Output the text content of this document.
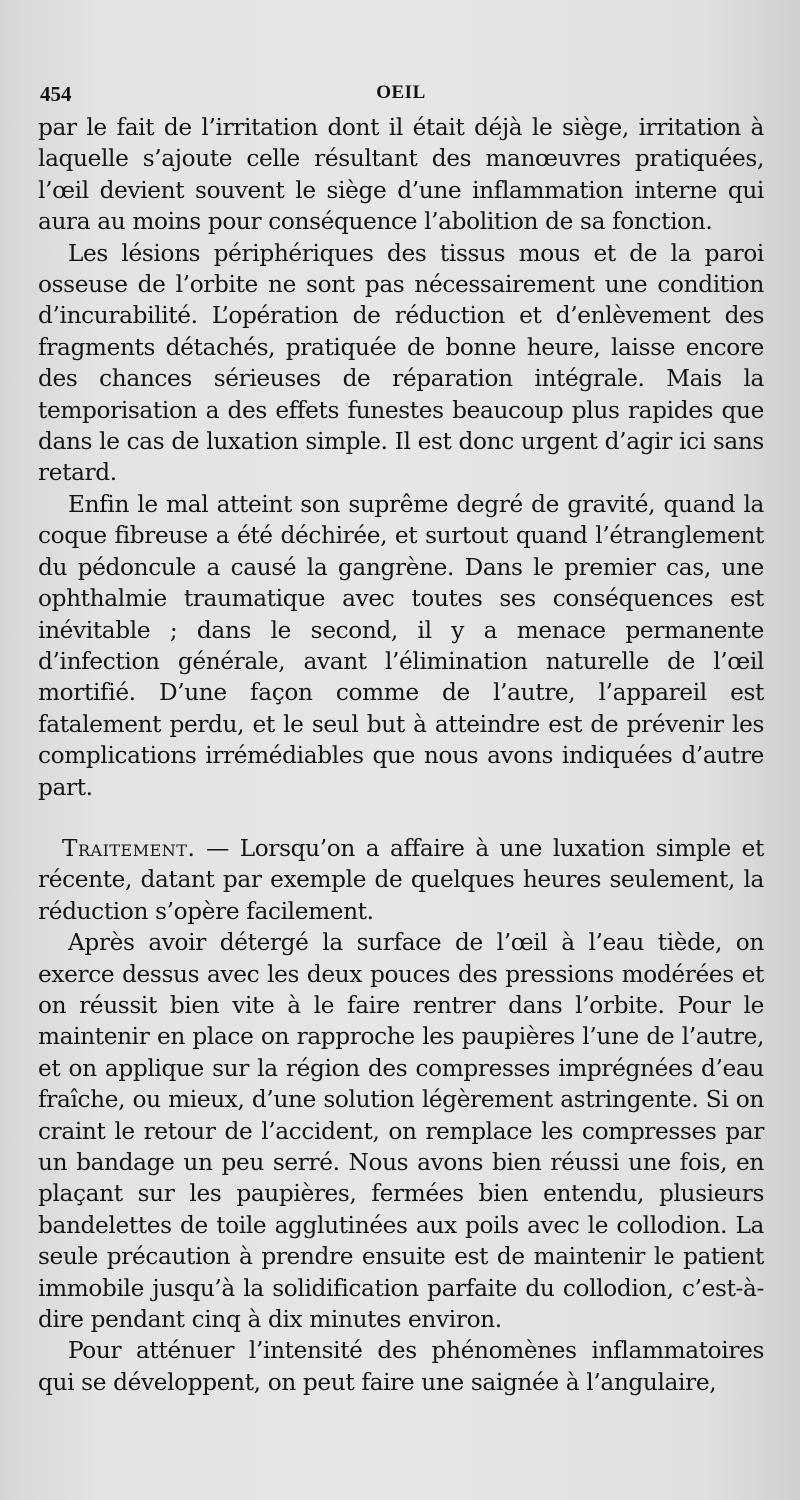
454	OEIL

par le fait de l’irritation dont il était déjà le siège, irritation à laquelle s’ajoute celle résultant des manœuvres pratiquées, l’œil devient souvent le siège d’une inflammation interne qui aura au moins pour conséquence l’abolition de sa fonction.

Les lésions périphériques des tissus mous et de la paroi osseuse de l’orbite ne sont pas nécessairement une condition d’incurabilité. L’opération de réduction et d’enlèvement des fragments détachés, pratiquée de bonne heure, laisse encore des chances sérieuses de réparation intégrale. Mais la temporisation a des effets funestes beaucoup plus rapides que dans le cas de luxation simple. Il est donc urgent d’agir ici sans retard.

Enfin le mal atteint son suprême degré de gravité, quand la coque fibreuse a été déchirée, et surtout quand l’étranglement du pédoncule a causé la gangrène. Dans le premier cas, une ophthalmie traumatique avec toutes ses conséquences est inévitable ; dans le second, il y a menace permanente d’infection générale, avant l’élimination naturelle de l’œil mortifié. D’une façon comme de l’autre, l’appareil est fatalement perdu, et le seul but à atteindre est de prévenir les complications irrémédiables que nous avons indiquées d’autre part.

Traitement. — Lorsqu’on a affaire à une luxation simple et récente, datant par exemple de quelques heures seulement, la réduction s’opère facilement.

Après avoir détergé la surface de l’œil à l’eau tiède, on exerce dessus avec les deux pouces des pressions modérées et on réussit bien vite à le faire rentrer dans l’orbite. Pour le maintenir en place on rapproche les paupières l’une de l’autre, et on applique sur la région des compresses imprégnées d’eau fraîche, ou mieux, d’une solution légèrement astringente. Si on craint le retour de l’accident, on remplace les compresses par un bandage un peu serré. Nous avons bien réussi une fois, en plaçant sur les paupières, fermées bien entendu, plusieurs bandelettes de toile agglutinées aux poils avec le collodion. La seule précaution à prendre ensuite est de maintenir le patient immobile jusqu’à la solidification parfaite du collodion, c’est-à-dire pendant cinq à dix minutes environ.

Pour atténuer l’intensité des phénomènes inflammatoires qui se développent, on peut faire une saignée à l’angulaire,
